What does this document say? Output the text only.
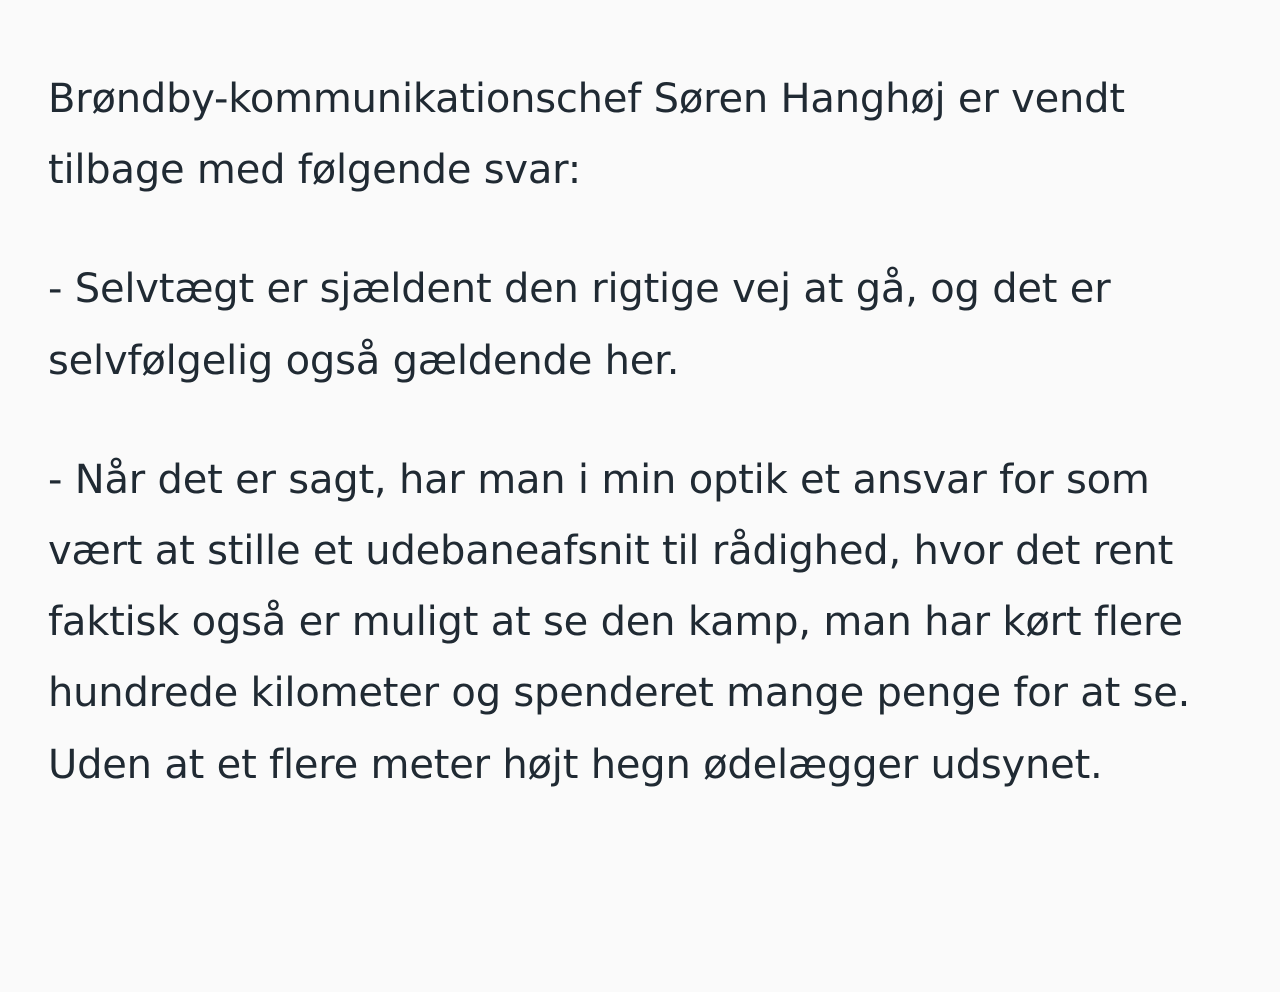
Brøndby-kommunikationschef Søren Hanghøj er vendt tilbage med følgende svar:

- Selvtægt er sjældent den rigtige vej at gå, og det er selvfølgelig også gældende her.

- Når det er sagt, har man i min optik et ansvar for som vært at stille et udebaneafsnit til rådighed, hvor det rent faktisk også er muligt at se den kamp, man har kørt flere hundrede kilometer og spenderet mange penge for at se. Uden at et flere meter højt hegn ødelægger udsynet.
